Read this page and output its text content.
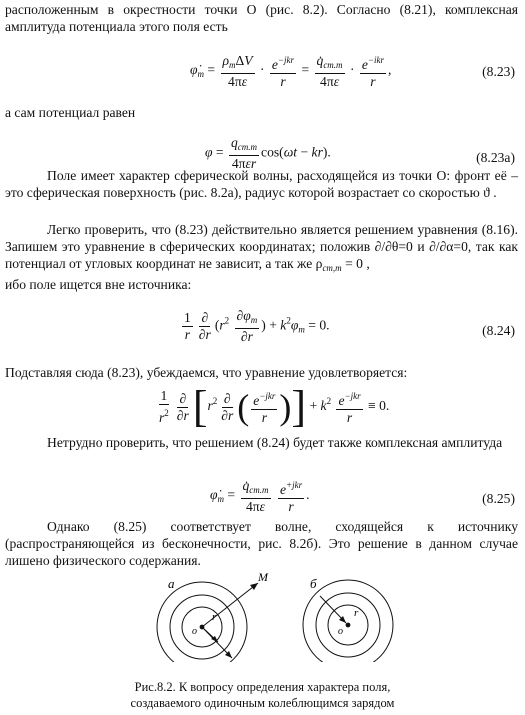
расположенным в окрестности точки O (рис. 8.2). Согласно (8.21), комплексная амплитуда потенциала этого поля есть
$\varphi̇_m = \frac{\rho_m\Delta V}{4\pi\varepsilon} \cdot \frac{e^{-jkr}}{r} = \frac{q̇_{cm.m}}{4\pi\varepsilon} \cdot \frac{e^{-ikr}}{r}$ ,	(8.23)
а сам потенциал равен
$\varphi = \frac{q_{cm.m}}{\text{4πεr}} \cos(\omega t - kr)$.	(8.23а)
Поле имеет характер сферической волны, расходящейся из точки O: фронт её – это сферическая поверхность (рис. 8.2а), радиус которой возрастает со скоростью ϑ .
Легко проверить, что (8.23) действительно является решением уравнения (8.16). Запишем это уравнение в сферических координатах; положив ∂/∂θ=0 и ∂/∂α=0, так как потенциал от угловых координат не зависит, а так же $\rho_{cm,m} = 0$ ,
ибо поле ищется вне источника:
$\frac{1}{r} \frac{\partial}{\partial r} (r^2 \frac{\partial\varphi_m}{\partial r}$ ) + $k^2\varphi_m = 0$.	(8.24)
Подставляя сюда (8.23), убеждаемся, что уравнение удовлетворяется:
$\frac{1}{r^2} \frac{\partial}{\partial r} [r^2 \frac{\partial}{\partial r}$ ( $\frac{e^{-jkr}}{r}$ )] + $k^2 \frac{e^{-jkr}}{r} \equiv 0$.
Нетрудно проверить, что решением (8.24) будет также комплексная амплитуда
$\varphi̇_m = \frac{q̇_{cm.m}}{4\pi\varepsilon}$
$\frac{e^{+jkr}}{r}$ .	(8.25)
Однако (8.25) соответствует волне, сходящейся к источнику (распространяющейся из бесконечности, рис. 8.2б). Это решение в данном случае лишено физического содержания.
а	M
r
o
б
r
o
Рис.8.2. К вопросу определения характера поля,
создаваемого одиночным колеблющимся зарядом
